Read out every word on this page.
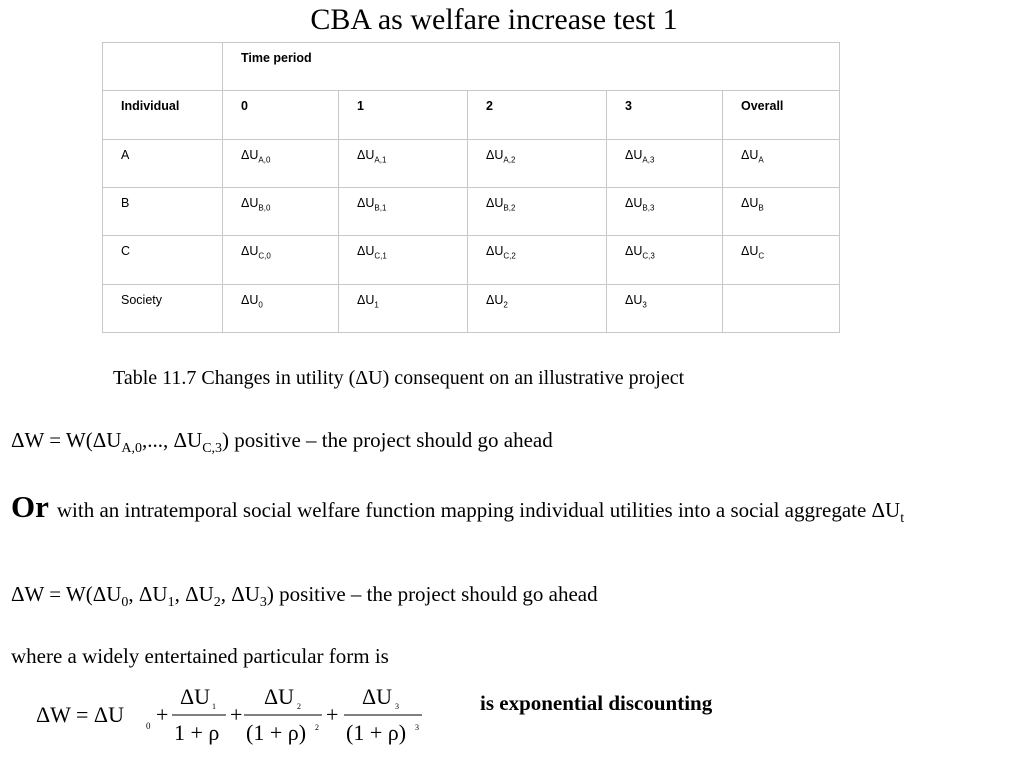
CBA as welfare increase test 1
	Time period				
Individual	0	1	2	3	Overall
A	$\Delta U_{A,0}$	$\Delta U_{A,1}$	$\Delta U_{A,2}$	$\Delta U_{A,3}$	$\Delta U_A$
B	$\Delta U_{B,0}$	$\Delta U_{B,1}$	$\Delta U_{B,2}$	$\Delta U_{B,3}$	$\Delta U_B$
C	$\Delta U_{C,0}$	$\Delta U_{C,1}$	$\Delta U_{C,2}$	$\Delta U_{C,3}$	$\Delta U_C$
Society	$\Delta U_0$	$\Delta U_1$	$\Delta U_2$	$\Delta U_3$	
Table 11.7 Changes in utility (ΔU) consequent on an illustrative project
$\Delta W = W(\Delta U_{A,0}$,..., $\Delta U_{C,3}$) positive – the project should go ahead
Or with an intratemporal social welfare function mapping individual utilities into a social aggregate $\Delta U_t$
$\Delta W = W(\Delta U_0$, $\Delta U_1$, $\Delta U_2$, $\Delta U_3$) positive – the project should go ahead
where a widely entertained particular form is
ΔW = ΔU 0 +
ΔU 1
1 + ρ
+
ΔU 2
(1 + ρ) 2
+
ΔU 3
(1 + ρ) 3
is exponential discounting
